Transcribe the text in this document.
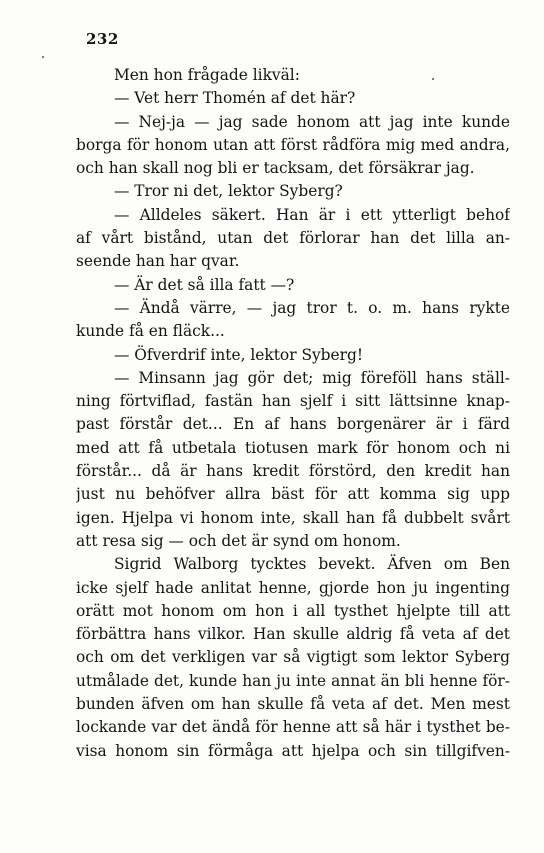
232
Men hon frågade likväl:
— Vet herr Thomén af det här?
— Nej-ja — jag sade honom att jag inte kunde
borga för honom utan att först rådföra mig med andra,
och han skall nog bli er tacksam, det försäkrar jag.
— Tror ni det, lektor Syberg?
— Alldeles säkert. Han är i ett ytterligt behof
af vårt bistånd, utan det förlorar han det lilla an-
seende han har qvar.
— Är det så illa fatt —?
— Ändå värre, — jag tror t. o. m. hans rykte
kunde få en fläck...
— Öfverdrif inte, lektor Syberg!
— Minsann jag gör det; mig föreföll hans ställ-
ning förtviflad, fastän han sjelf i sitt lättsinne knap-
past förstår det... En af hans borgenärer är i färd
med att få utbetala tiotusen mark för honom och ni
förstår... då är hans kredit förstörd, den kredit han
just nu behöfver allra bäst för att komma sig upp
igen. Hjelpa vi honom inte, skall han få dubbelt svårt
att resa sig — och det är synd om honom.
Sigrid Walborg tycktes bevekt. Äfven om Ben
icke sjelf hade anlitat henne, gjorde hon ju ingenting
orätt mot honom om hon i all tysthet hjelpte till att
förbättra hans vilkor. Han skulle aldrig få veta af det
och om det verkligen var så vigtigt som lektor Syberg
utmålade det, kunde han ju inte annat än bli henne för-
bunden äfven om han skulle få veta af det. Men mest
lockande var det ändå för henne att så här i tysthet be-
visa honom sin förmåga att hjelpa och sin tillgifven-
